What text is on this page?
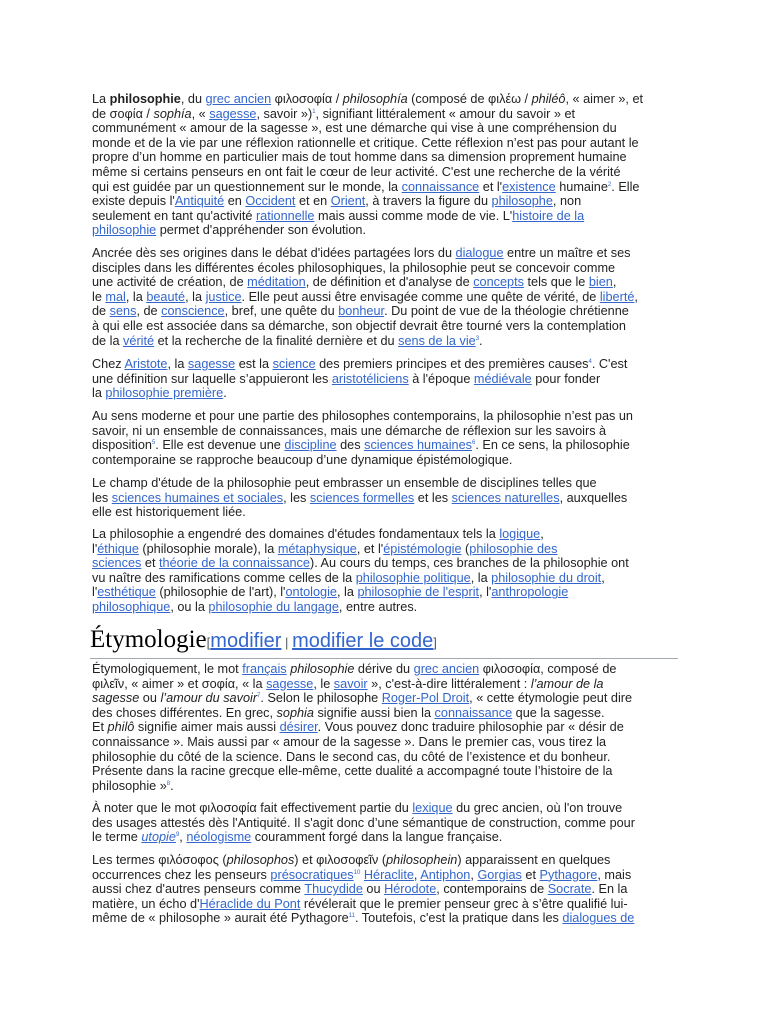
La philosophie, du grec ancien φιλοσοφία / philosophía (composé de φιλέω / philéô, « aimer », et
de σοφία / sophía, « sagesse, savoir »)$^1$, signifiant littéralement « amour du savoir » et
communément « amour de la sagesse », est une démarche qui vise à une compréhension du
monde et de la vie par une réflexion rationnelle et critique. Cette réflexion n’est pas pour autant le
propre d’un homme en particulier mais de tout homme dans sa dimension proprement humaine
même si certains penseurs en ont fait le cœur de leur activité. C'est une recherche de la vérité
qui est guidée par un questionnement sur le monde, la connaissance et l'existence humaine$^2$. Elle
existe depuis l'Antiquité en Occident et en Orient, à travers la figure du philosophe, non
seulement en tant qu'activité rationnelle mais aussi comme mode de vie. L'histoire de la
philosophie permet d'appréhender son évolution.
Ancrée dès ses origines dans le débat d'idées partagées lors du dialogue entre un maître et ses
disciples dans les différentes écoles philosophiques, la philosophie peut se concevoir comme
une activité de création, de méditation, de définition et d'analyse de concepts tels que le bien,
le mal, la beauté, la justice. Elle peut aussi être envisagée comme une quête de vérité, de liberté,
de sens, de conscience, bref, une quête du bonheur. Du point de vue de la théologie chrétienne
à qui elle est associée dans sa démarche, son objectif devrait être tourné vers la contemplation
de la vérité et la recherche de la finalité dernière et du sens de la vie$^3$.
Chez Aristote, la sagesse est la science des premiers principes et des premières causes$^4$. C'est
une définition sur laquelle s’appuieront les aristotéliciens à l'époque médiévale pour fonder
la philosophie première.
Au sens moderne et pour une partie des philosophes contemporains, la philosophie n’est pas un
savoir, ni un ensemble de connaissances, mais une démarche de réflexion sur les savoirs à
disposition$^5$. Elle est devenue une discipline des sciences humaines$^6$. En ce sens, la philosophie
contemporaine se rapproche beaucoup d’une dynamique épistémologique.
Le champ d'étude de la philosophie peut embrasser un ensemble de disciplines telles que
les sciences humaines et sociales, les sciences formelles et les sciences naturelles, auxquelles
elle est historiquement liée.
La philosophie a engendré des domaines d'études fondamentaux tels la logique,
l'éthique (philosophie morale), la métaphysique, et l'épistémologie (philosophie des
sciences et théorie de la connaissance). Au cours du temps, ces branches de la philosophie ont
vu naître des ramifications comme celles de la philosophie politique, la philosophie du droit,
l'esthétique (philosophie de l'art), l'ontologie, la philosophie de l'esprit, l'anthropologie
philosophique, ou la philosophie du langage, entre autres.
Étymologie[modifier | modifier le code]
Étymologiquement, le mot français philosophie dérive du grec ancien φιλοσοφία, composé de
φιλεῖν, « aimer » et σοφία, « la sagesse, le savoir », c'est-à-dire littéralement : l’amour de la
sagesse ou l’amour du savoir$^7$. Selon le philosophe Roger-Pol Droit, « cette étymologie peut dire
des choses différentes. En grec, sophia signifie aussi bien la connaissance que la sagesse.
Et philô signifie aimer mais aussi désirer. Vous pouvez donc traduire philosophie par « désir de
connaissance ». Mais aussi par « amour de la sagesse ». Dans le premier cas, vous tirez la
philosophie du côté de la science. Dans le second cas, du côté de l’existence et du bonheur.
Présente dans la racine grecque elle-même, cette dualité a accompagné toute l’histoire de la
philosophie »$^8$.
À noter que le mot φιλοσοφία fait effectivement partie du lexique du grec ancien, où l'on trouve
des usages attestés dès l'Antiquité. Il s'agit donc d’une sémantique de construction, comme pour
le terme utopie$^9$, néologisme couramment forgé dans la langue française.
Les termes φιλόσοφος (philosophos) et φιλοσοφεῖν (philosophein) apparaissent en quelques
occurrences chez les penseurs présocratiques$^{10}$ Héraclite, Antiphon, Gorgias et Pythagore, mais
aussi chez d'autres penseurs comme Thucydide ou Hérodote, contemporains de Socrate. En la
matière, un écho d'Héraclide du Pont révélerait que le premier penseur grec à s’être qualifié lui-
même de « philosophe » aurait été Pythagore$^{11}$. Toutefois, c'est la pratique dans les dialogues de
